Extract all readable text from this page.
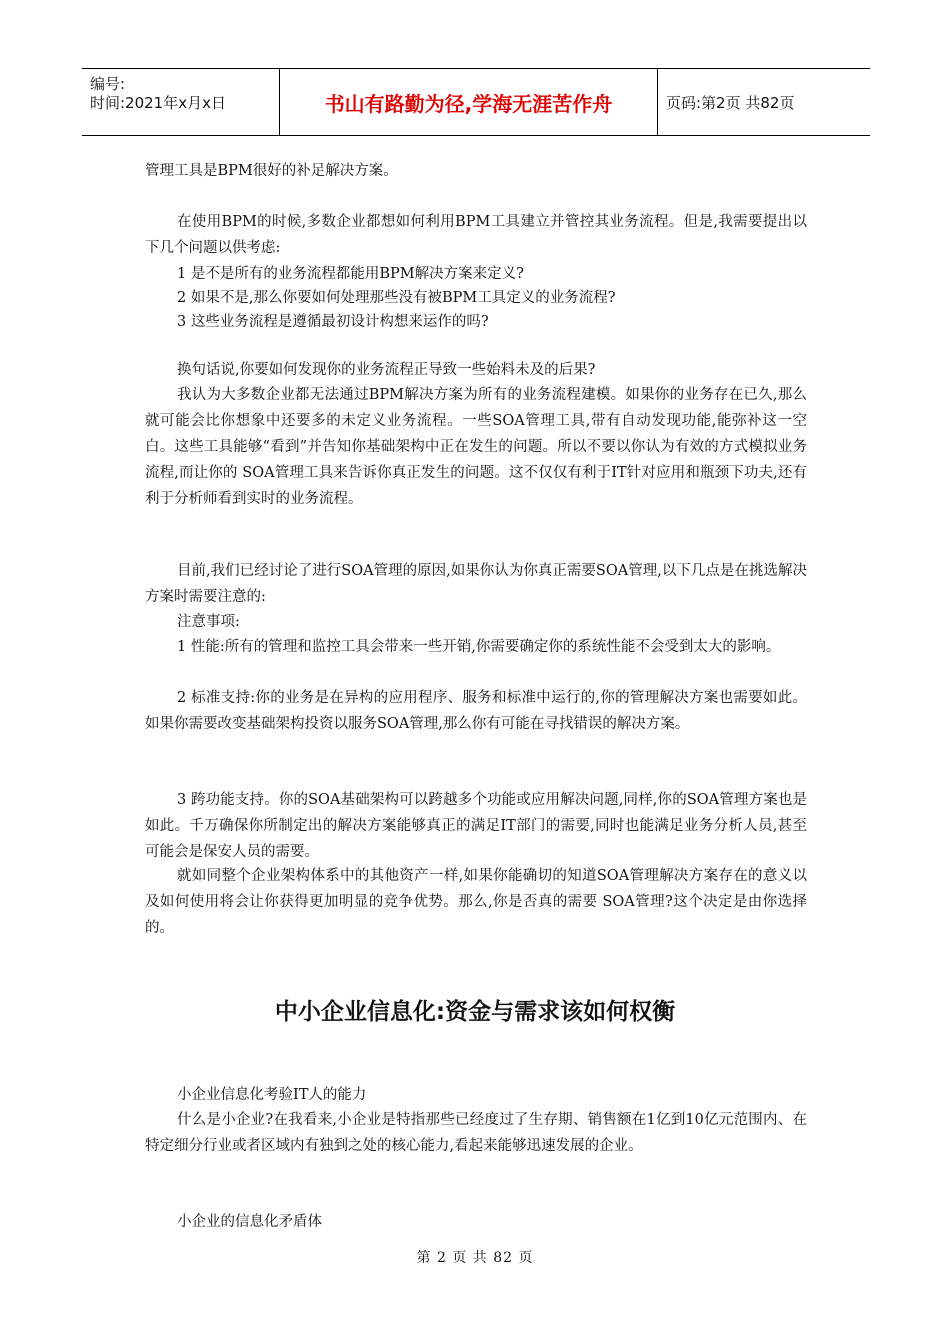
编号:
时间:2021年x月x日	书山有路勤为径,学海无涯苦作舟	页码:第2页 共82页

管理工具是BPM很好的补足解决方案。

在使用BPM的时候,多数企业都想如何利用BPM工具建立并管控其业务流程。但是,我需要提出以下几个问题以供考虑:

1 是不是所有的业务流程都能用BPM解决方案来定义?

2 如果不是,那么你要如何处理那些没有被BPM工具定义的业务流程?

3 这些业务流程是遵循最初设计构想来运作的吗?

换句话说,你要如何发现你的业务流程正导致一些始料未及的后果?

我认为大多数企业都无法通过BPM解决方案为所有的业务流程建模。如果你的业务存在已久,那么就可能会比你想象中还要多的未定义业务流程。一些SOA管理工具,带有自动发现功能,能弥补这一空白。这些工具能够“看到”并告知你基础架构中正在发生的问题。所以不要以你认为有效的方式模拟业务流程,而让你的 SOA管理工具来告诉你真正发生的问题。这不仅仅有利于IT针对应用和瓶颈下功夫,还有利于分析师看到实时的业务流程。

目前,我们已经讨论了进行SOA管理的原因,如果你认为你真正需要SOA管理,以下几点是在挑选解决方案时需要注意的:

注意事项:

1 性能:所有的管理和监控工具会带来一些开销,你需要确定你的系统性能不会受到太大的影响。

2 标准支持:你的业务是在异构的应用程序、服务和标准中运行的,你的管理解决方案也需要如此。如果你需要改变基础架构投资以服务SOA管理,那么你有可能在寻找错误的解决方案。

3 跨功能支持。你的SOA基础架构可以跨越多个功能或应用解决问题,同样,你的SOA管理方案也是如此。千万确保你所制定出的解决方案能够真正的满足IT部门的需要,同时也能满足业务分析人员,甚至可能会是保安人员的需要。

就如同整个企业架构体系中的其他资产一样,如果你能确切的知道SOA管理解决方案存在的意义以及如何使用将会让你获得更加明显的竞争优势。那么,你是否真的需要 SOA管理?这个决定是由你选择的。

小企业信息化考验IT人的能力

什么是小企业?在我看来,小企业是特指那些已经度过了生存期、销售额在1亿到10亿元范围内、在特定细分行业或者区域内有独到之处的核心能力,看起来能够迅速发展的企业。

小企业的信息化矛盾体

中小企业信息化:资金与需求该如何权衡
第 2 页 共 82 页
